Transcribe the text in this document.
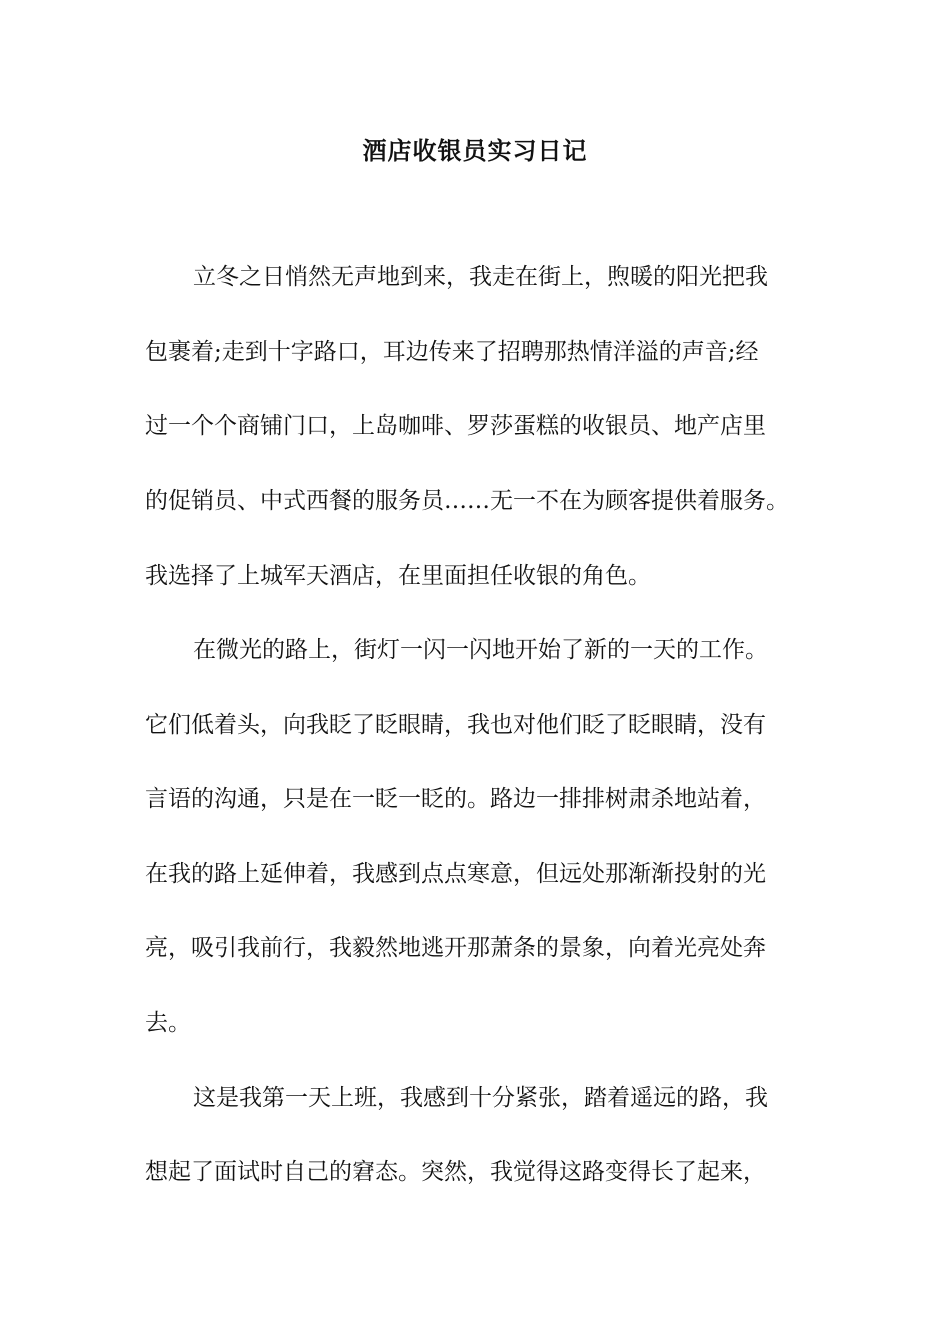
酒店收银员实习日记
立冬之日悄然无声地到来，我走在街上，煦暖的阳光把我
包裹着;走到十字路口，耳边传来了招聘那热情洋溢的声音;经
过一个个商铺门口，上岛咖啡、罗莎蛋糕的收银员、地产店里
的促销员、中式西餐的服务员……无一不在为顾客提供着服务。
我选择了上城军天酒店，在里面担任收银的角色。
在微光的路上，街灯一闪一闪地开始了新的一天的工作。
它们低着头，向我眨了眨眼睛，我也对他们眨了眨眼睛，没有
言语的沟通，只是在一眨一眨的。路边一排排树肃杀地站着，
在我的路上延伸着，我感到点点寒意，但远处那渐渐投射的光
亮，吸引我前行，我毅然地逃开那萧条的景象，向着光亮处奔
去。
这是我第一天上班，我感到十分紧张，踏着遥远的路，我
想起了面试时自己的窘态。突然，我觉得这路变得长了起来，
